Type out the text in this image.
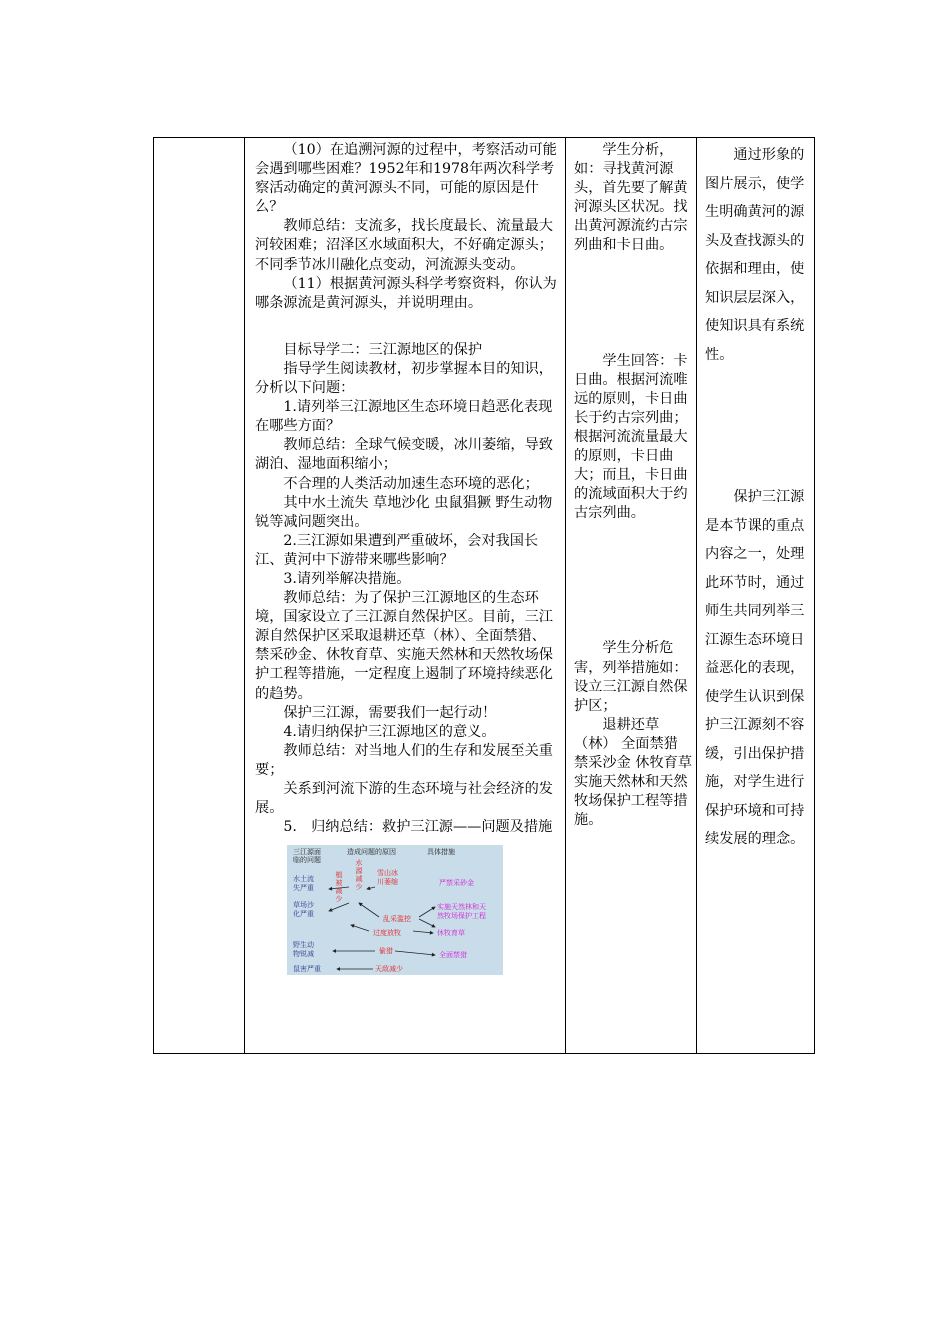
（10）在追溯河源的过程中，考察活动可能会遇到哪些困难？1952年和1978年两次科学考察活动确定的黄河源头不同，可能的原因是什么？

教师总结：支流多，找长度最长、流量最大河较困难；沼泽区水域面积大，不好确定源头；不同季节冰川融化点变动，河流源头变动。

（11）根据黄河源头科学考察资料，你认为哪条源流是黄河源头，并说明理由。

目标导学二：三江源地区的保护

指导学生阅读教材，初步掌握本目的知识，分析以下问题：

1.请列举三江源地区生态环境日趋恶化表现在哪些方面？

教师总结：全球气候变暖，冰川萎缩，导致湖泊、湿地面积缩小；

不合理的人类活动加速生态环境的恶化；

其中水土流失 草地沙化 虫鼠猖獗 野生动物锐等减问题突出。

2.三江源如果遭到严重破坏，会对我国长江、黄河中下游带来哪些影响？

3.请列举解决措施。

教师总结：为了保护三江源地区的生态环境，国家设立了三江源自然保护区。目前，三江源自然保护区采取退耕还草（林）、全面禁猎、禁采砂金、休牧育草、实施天然林和天然牧场保护工程等措施，一定程度上遏制了环境持续恶化的趋势。

保护三江源，需要我们一起行动！

4.请归纳保护三江源地区的意义。

教师总结：对当地人们的生存和发展至关重要；

关系到河流下游的生态环境与社会经济的发展。

5.　归纳总结：救护三江源——问题及措施

三江源面
临的问题
造成问题的原因	具体措施
水土流
失严重
草场沙
化严重
野生动
物锐减
鼠害严重
植被减少 水源减少 雪山冰
川萎缩
乱采滥挖
过度放牧
偷猎
天敌减少
严禁采砂金
实施天然林和天
然牧场保护工程
休牧育草
全面禁猎

学生分析，如：寻找黄河源头，首先要了解黄河源头区状况。找出黄河源流约古宗列曲和卡日曲。

学生回答：卡日曲。根据河流唯远的原则，卡日曲长于约古宗列曲；根据河流流量最大的原则，卡日曲大；而且，卡日曲的流域面积大于约古宗列曲。

学生分析危害，列举措施如：设立三江源自然保护区；

退耕还草（林） 全面禁猎 禁采沙金 休牧育草 实施天然林和天然牧场保护工程等措施。

通过形象的图片展示，使学生明确黄河的源头及查找源头的依据和理由，使知识层层深入，使知识具有系统性。

保护三江源是本节课的重点内容之一，处理此环节时，通过师生共同列举三江源生态环境日益恶化的表现，使学生认识到保护三江源刻不容缓，引出保护措施，对学生进行保护环境和可持续发展的理念。
